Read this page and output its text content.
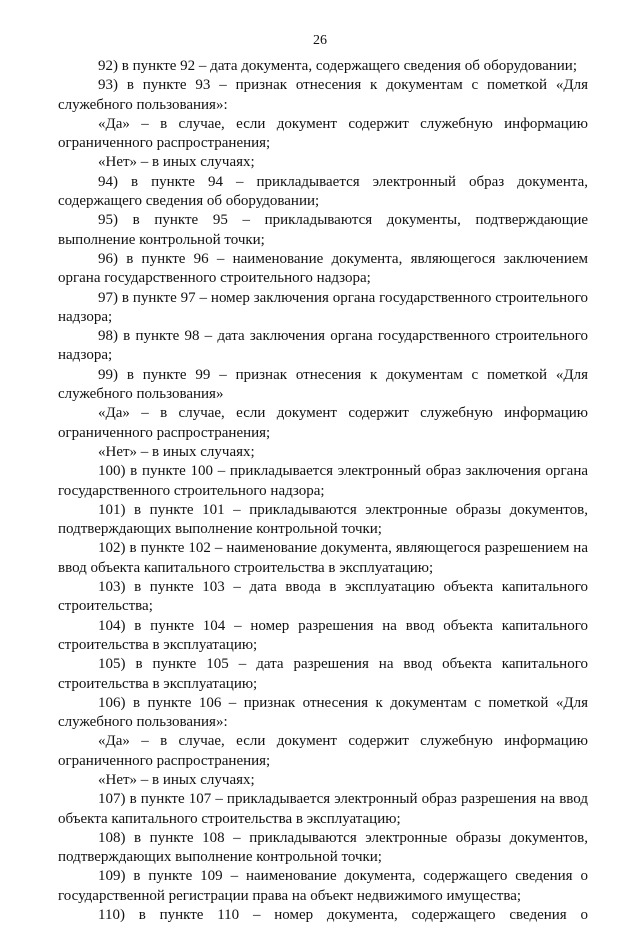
26

92) в пункте 92 – дата документа, содержащего сведения об оборудовании;

93) в пункте 93 – признак отнесения к документам с пометкой «Для служебного пользования»:

«Да» – в случае, если документ содержит служебную информацию ограниченного распространения;

«Нет» – в иных случаях;

94) в пункте 94 – прикладывается электронный образ документа, содержащего сведения об оборудовании;

95) в пункте 95 – прикладываются документы, подтверждающие выполнение контрольной точки;

96) в пункте 96 – наименование документа, являющегося заключением органа государственного строительного надзора;

97) в пункте 97 – номер заключения органа государственного строительного надзора;

98) в пункте 98 – дата заключения органа государственного строительного надзора;

99) в пункте 99 – признак отнесения к документам с пометкой «Для служебного пользования»

«Да» – в случае, если документ содержит служебную информацию ограниченного распространения;

«Нет» – в иных случаях;

100) в пункте 100 – прикладывается электронный образ заключения органа государственного строительного надзора;

101) в пункте 101 – прикладываются электронные образы документов, подтверждающих выполнение контрольной точки;

102) в пункте 102 – наименование документа, являющегося разрешением на ввод объекта капитального строительства в эксплуатацию;

103) в пункте 103 – дата ввода в эксплуатацию объекта капитального строительства;

104) в пункте 104 – номер разрешения на ввод объекта капитального строительства в эксплуатацию;

105) в пункте 105 – дата разрешения на ввод объекта капитального строительства в эксплуатацию;

106) в пункте 106 – признак отнесения к документам с пометкой «Для служебного пользования»:

«Да» – в случае, если документ содержит служебную информацию ограниченного распространения;

«Нет» – в иных случаях;

107) в пункте 107 – прикладывается электронный образ разрешения на ввод объекта капитального строительства в эксплуатацию;

108) в пункте 108 – прикладываются электронные образы документов, подтверждающих выполнение контрольной точки;

109) в пункте 109 – наименование документа, содержащего сведения о государственной регистрации права на объект недвижимого имущества;

110) в пункте 110 – номер документа, содержащего сведения о
